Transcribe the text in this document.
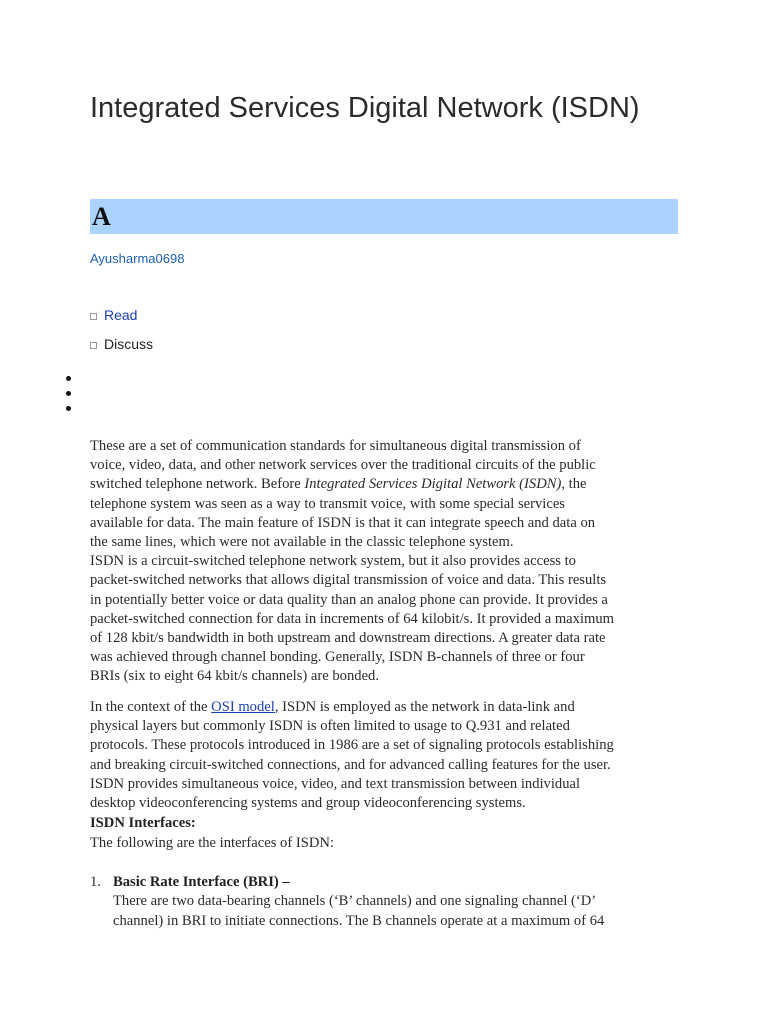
Integrated Services Digital Network (ISDN)
A
Ayusharma0698
Read
Discuss
These are a set of communication standards for simultaneous digital transmission of
voice, video, data, and other network services over the traditional circuits of the public
switched telephone network. Before Integrated Services Digital Network (ISDN), the
telephone system was seen as a way to transmit voice, with some special services
available for data. The main feature of ISDN is that it can integrate speech and data on
the same lines, which were not available in the classic telephone system.
ISDN is a circuit-switched telephone network system, but it also provides access to
packet-switched networks that allows digital transmission of voice and data. This results
in potentially better voice or data quality than an analog phone can provide. It provides a
packet-switched connection for data in increments of 64 kilobit/s. It provided a maximum
of 128 kbit/s bandwidth in both upstream and downstream directions. A greater data rate
was achieved through channel bonding. Generally, ISDN B-channels of three or four
BRIs (six to eight 64 kbit/s channels) are bonded.
In the context of the OSI model, ISDN is employed as the network in data-link and
physical layers but commonly ISDN is often limited to usage to Q.931 and related
protocols. These protocols introduced in 1986 are a set of signaling protocols establishing
and breaking circuit-switched connections, and for advanced calling features for the user.
ISDN provides simultaneous voice, video, and text transmission between individual
desktop videoconferencing systems and group videoconferencing systems.
ISDN Interfaces:
The following are the interfaces of ISDN:
1. Basic Rate Interface (BRI) –
There are two data-bearing channels (‘B’ channels) and one signaling channel (‘D’
channel) in BRI to initiate connections. The B channels operate at a maximum of 64
